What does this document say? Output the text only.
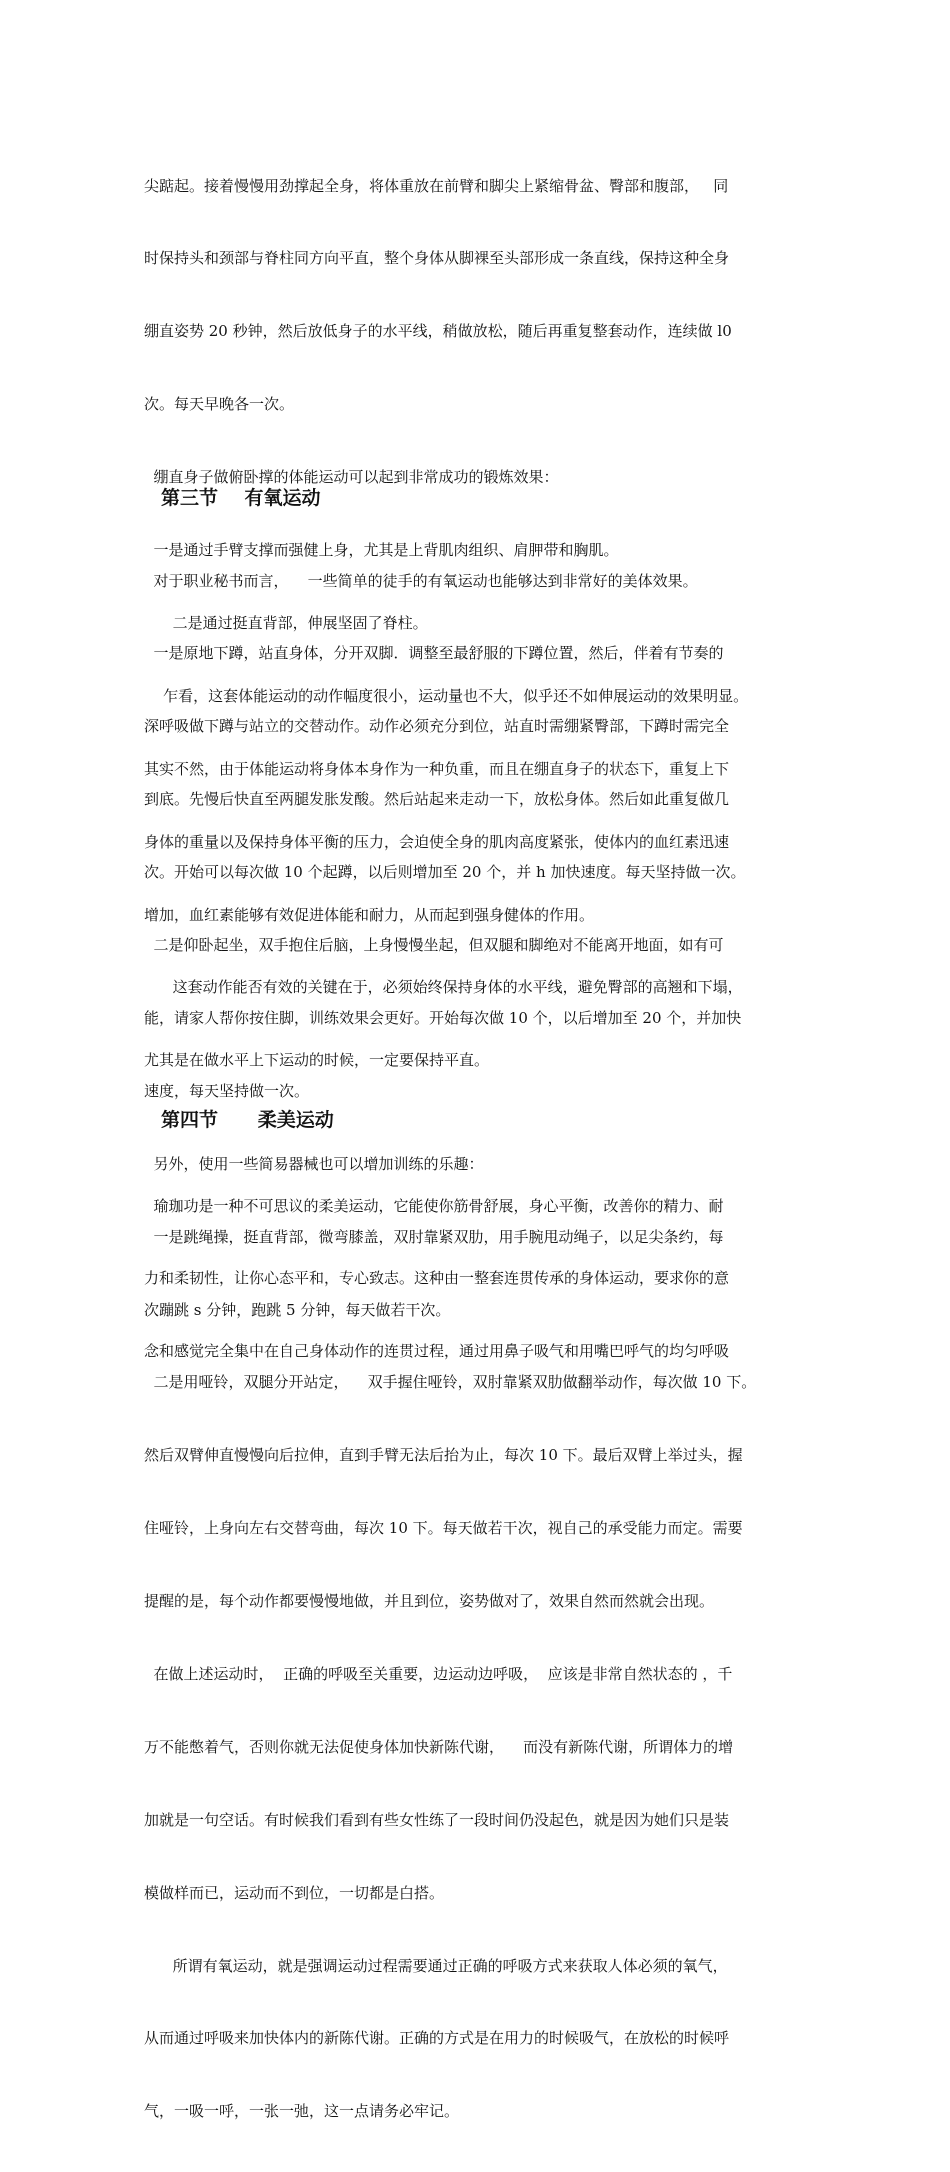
尖踮起。接着慢慢用劲撑起全身，将体重放在前臂和脚尖上紧缩骨盆、臀部和腹部，   同

时保持头和颈部与脊柱同方向平直，整个身体从脚裸至头部形成一条直线，保持这种全身

绷直姿势 20 秒钟，然后放低身子的水平线，稍做放松，随后再重复整套动作，连续做 l0

次。每天早晚各一次。

绷直身子做俯卧撑的体能运动可以起到非常成功的锻炼效果：

一是通过手臂支撑而强健上身，尤其是上背肌肉组织、肩胛带和胸肌。

二是通过挺直背部，伸展坚固了脊柱。

乍看，这套体能运动的动作幅度很小，运动量也不大，似乎还不如伸展运动的效果明显。

其实不然，由于体能运动将身体本身作为一种负重，而且在绷直身子的状态下，重复上下

身体的重量以及保持身体平衡的压力，会迫使全身的肌肉高度紧张，使体内的血红素迅速

增加，血红素能够有效促进体能和耐力，从而起到强身健体的作用。

这套动作能否有效的关键在于，必须始终保持身体的水平线，避免臀部的高翘和下塌，

尤其是在做水平上下运动的时候，一定要保持平直。

第三节    有氧运动

对于职业秘书而言，    一些简单的徒手的有氧运动也能够达到非常好的美体效果。

一是原地下蹲，站直身体，分开双脚．调整至最舒服的下蹲位置，然后，伴着有节奏的

深呼吸做下蹲与站立的交替动作。动作必须充分到位，站直时需绷紧臀部，下蹲时需完全

到底。先慢后快直至两腿发胀发酸。然后站起来走动一下，放松身体。然后如此重复做几

次。开始可以每次做 10 个起蹲，以后则增加至 20 个，并 h 加快速度。每天坚持做一次。

二是仰卧起坐，双手抱住后脑，上身慢慢坐起，但双腿和脚绝对不能离开地面，如有可

能，请家人帮你按住脚，训练效果会更好。开始每次做 10 个，以后增加至 20 个，并加快

速度，每天坚持做一次。

另外，使用一些简易器械也可以增加训练的乐趣：

一是跳绳操，挺直背部，微弯膝盖，双肘靠紧双肋，用手腕甩动绳子，以足尖条约，每

次蹦跳 s 分钟，跑跳 5 分钟，每天做若干次。

二是用哑铃，双腿分开站定，    双手握住哑铃，双肘靠紧双肋做翻举动作，每次做 10 下。

然后双臂伸直慢慢向后拉伸，直到手臂无法后抬为止，每次 10 下。最后双臂上举过头，握

住哑铃，上身向左右交替弯曲，每次 10 下。每天做若干次，视自己的承受能力而定。需要

提醒的是，每个动作都要慢慢地做，并且到位，姿势做对了，效果自然而然就会出现。

在做上述运动时，  正确的呼吸至关重要，边运动边呼吸，  应该是非常自然状态的 ，千

万不能憋着气，否则你就无法促使身体加快新陈代谢，    而没有新陈代谢，所谓体力的增

加就是一句空话。有时候我们看到有些女性练了一段时间仍没起色，就是因为她们只是装

模做样而已，运动而不到位，一切都是白搭。

所谓有氧运动，就是强调运动过程需要通过正确的呼吸方式来获取人体必须的氧气，

从而通过呼吸来加快体内的新陈代谢。正确的方式是在用力的时候吸气，在放松的时候呼

气，一吸一呼，一张一弛，这一点请务必牢记。

第四节      柔美运动

瑜珈功是一种不可思议的柔美运动，它能使你筋骨舒展，身心平衡，改善你的精力、耐

力和柔韧性，让你心态平和，专心致志。这种由一整套连贯传承的身体运动，要求你的意

念和感觉完全集中在自己身体动作的连贯过程，通过用鼻子吸气和用嘴巴呼气的均匀呼吸
